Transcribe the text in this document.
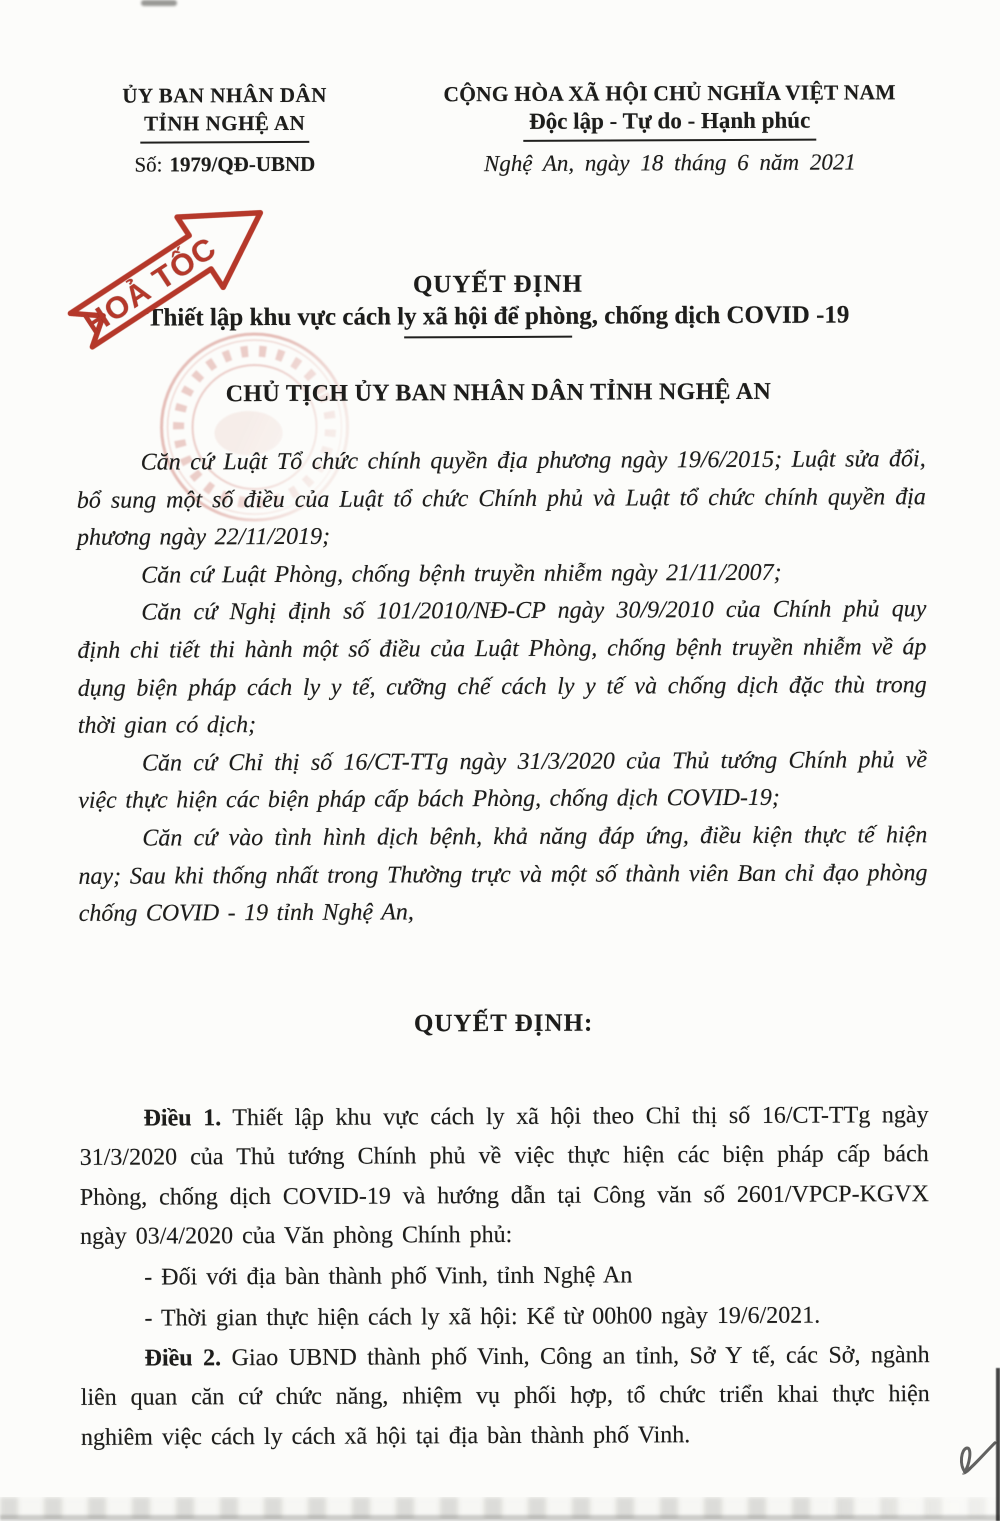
ỦY BAN NHÂN DÂN
TỈNH NGHỆ AN
Số: 1979/QĐ-UBND
CỘNG HÒA XÃ HỘI CHỦ NGHĨA VIỆT NAM
Độc lập - Tự do - Hạnh phúc
Nghệ An, ngày 18 tháng 6 năm 2021
HOẢ TỐC	QUYẾT ĐỊNH
Thiết lập khu vực cách ly xã hội để phòng, chống dịch COVID -19
CHỦ TỊCH ỦY BAN NHÂN DÂN TỈNH NGHỆ AN

Căn cứ Luật Tổ chức chính quyền địa phương ngày 19/6/2015; Luật sửa đổi, bổ sung một số điều của Luật tổ chức Chính phủ và Luật tổ chức chính quyền địa phương ngày 22/11/2019;

Căn cứ Luật Phòng, chống bệnh truyền nhiễm ngày 21/11/2007;

Căn cứ Nghị định số 101/2010/NĐ-CP ngày 30/9/2010 của Chính phủ quy định chi tiết thi hành một số điều của Luật Phòng, chống bệnh truyền nhiễm về áp dụng biện pháp cách ly y tế, cưỡng chế cách ly y tế và chống dịch đặc thù trong thời gian có dịch;

Căn cứ Chỉ thị số 16/CT-TTg ngày 31/3/2020 của Thủ tướng Chính phủ về việc thực hiện các biện pháp cấp bách Phòng, chống dịch COVID-19;

Căn cứ vào tình hình dịch bệnh, khả năng đáp ứng, điều kiện thực tế hiện nay; Sau khi thống nhất trong Thường trực và một số thành viên Ban chỉ đạo phòng chống COVID - 19 tỉnh Nghệ An,

QUYẾT ĐỊNH:

Điều 1. Thiết lập khu vực cách ly xã hội theo Chỉ thị số 16/CT-TTg ngày 31/3/2020 của Thủ tướng Chính phủ về việc thực hiện các biện pháp cấp bách Phòng, chống dịch COVID-19 và hướng dẫn tại Công văn số 2601/VPCP-KGVX ngày 03/4/2020 của Văn phòng Chính phủ:

- Đối với địa bàn thành phố Vinh, tỉnh Nghệ An

- Thời gian thực hiện cách ly xã hội: Kể từ 00h00 ngày 19/6/2021.

Điều 2. Giao UBND thành phố Vinh, Công an tỉnh, Sở Y tế, các Sở, ngành liên quan căn cứ chức năng, nhiệm vụ phối hợp, tổ chức triển khai thực hiện nghiêm việc cách ly cách xã hội tại địa bàn thành phố Vinh.
